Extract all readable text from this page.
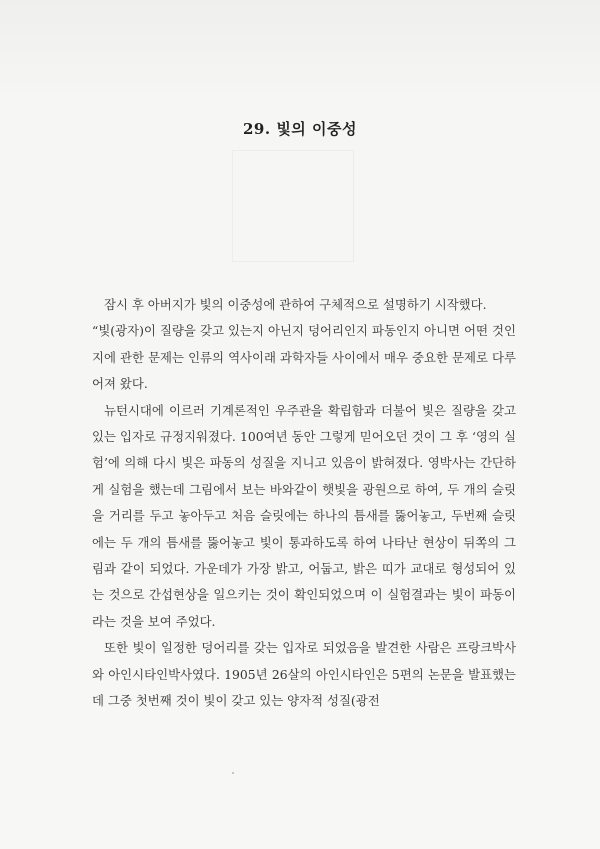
29. 빛의 이중성

잠시 후 아버지가 빛의 이중성에 관하여 구체적으로 설명하기 시작했다.

“빛(광자)이 질량을 갖고 있는지 아닌지 덩어리인지 파동인지 아니면 어떤 것인지에 관한 문제는 인류의 역사이래 과학자들 사이에서 매우 중요한 문제로 다루어져 왔다.

뉴턴시대에 이르러 기계론적인 우주관을 확립함과 더불어 빛은 질량을 갖고 있는 입자로 규정지워졌다. 100여년 동안 그렇게 믿어오던 것이 그 후 ‘영의 실험’에 의해 다시 빛은 파동의 성질을 지니고 있음이 밝혀졌다. 영박사는 간단하게 실험을 했는데 그림에서 보는 바와같이 햇빛을 광원으로 하여, 두 개의 슬릿을 거리를 두고 놓아두고 처음 슬릿에는 하나의 틈새를 뚫어놓고, 두번째 슬릿에는 두 개의 틈새를 뚫어놓고 빛이 통과하도록 하여 나타난 현상이 뒤쪽의 그림과 같이 되었다. 가운데가 가장 밝고, 어둡고, 밝은 띠가 교대로 형성되어 있는 것으로 간섭현상을 일으키는 것이 확인되었으며 이 실험결과는 빛이 파동이라는 것을 보여 주었다.

또한 빛이 일정한 덩어리를 갖는 입자로 되었음을 발견한 사람은 프랑크박사와 아인시타인박사였다. 1905년 26살의 아인시타인은 5편의 논문을 발표했는데 그중 첫번째 것이 빛이 갖고 있는 양자적 성질(광전
